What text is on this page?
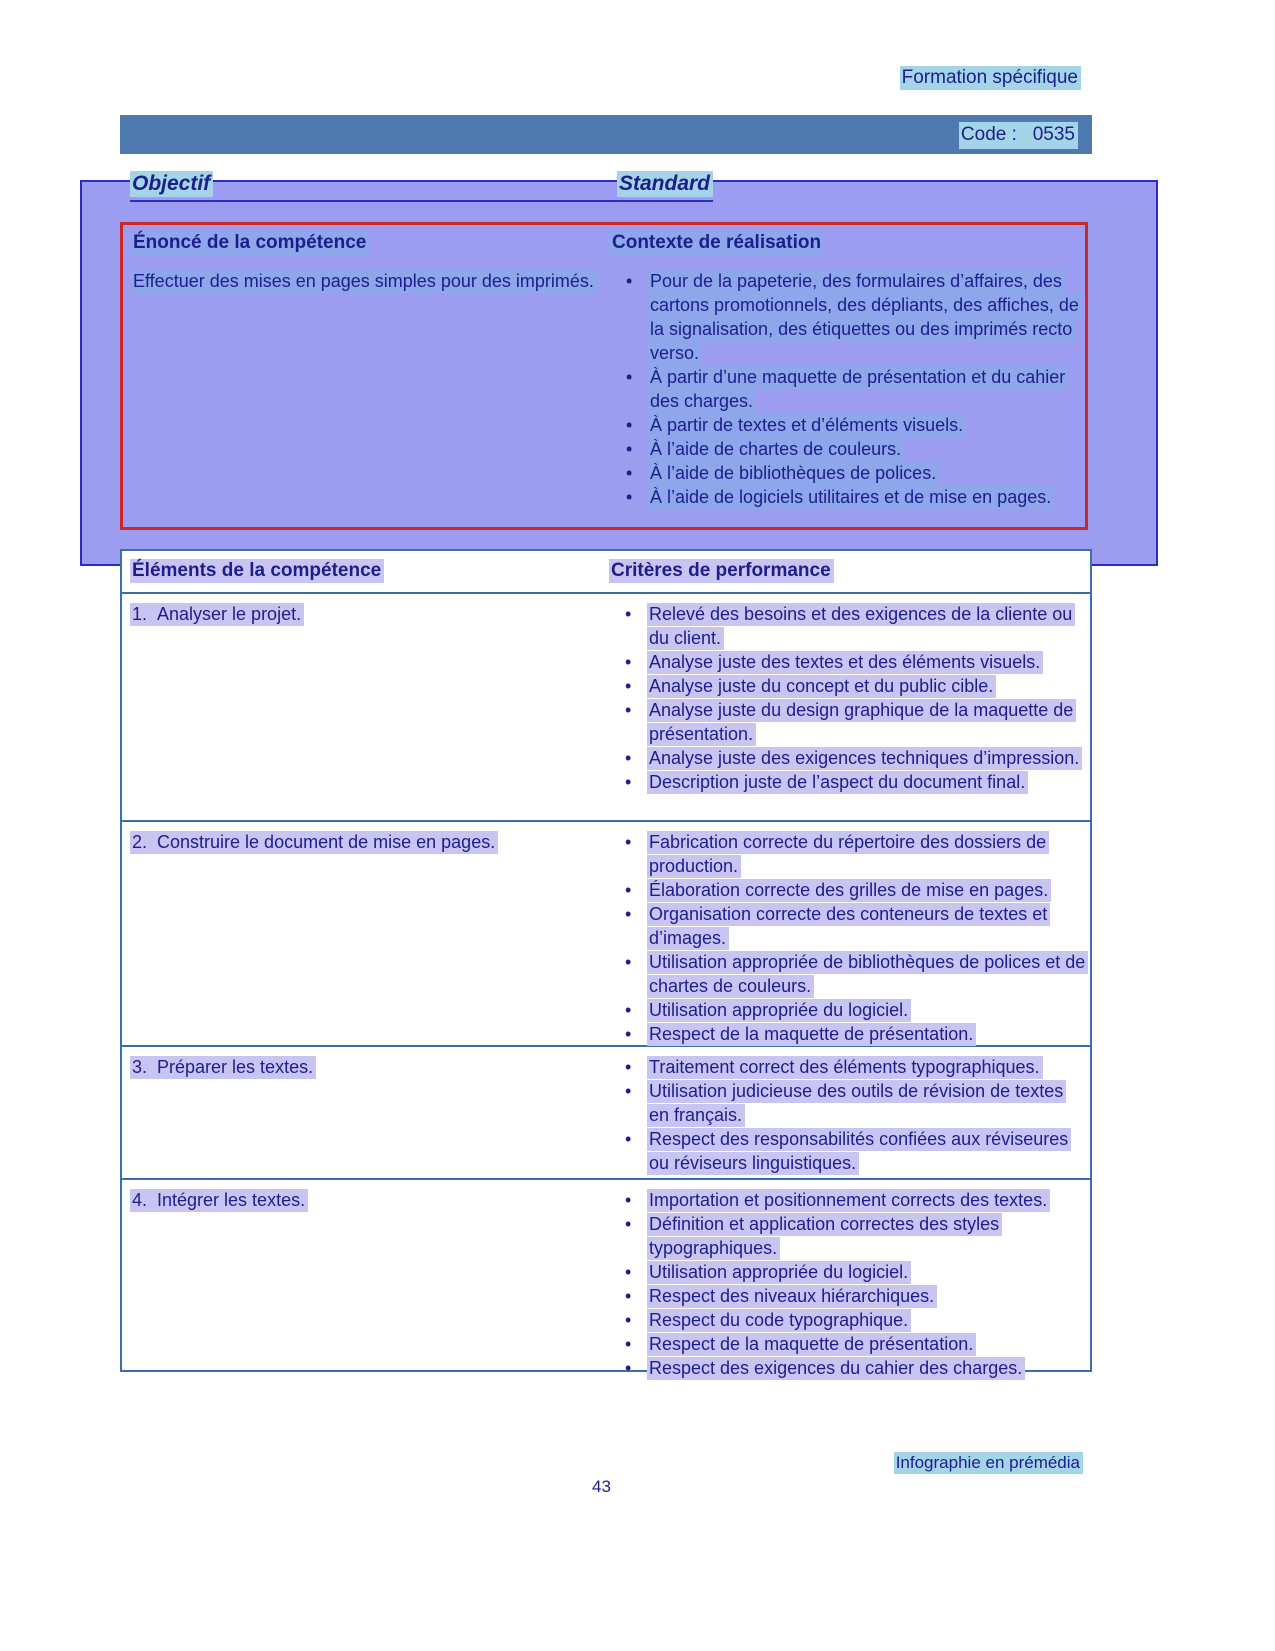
Formation spécifique
Code :   0535
Objectif	Standard
Énoncé de la compétence	Contexte de réalisation
Effectuer des mises en pages simples pour des imprimés.	• Pour de la papeterie, des formulaires d’affaires, des cartons promotionnels, des dépliants, des affiches, de la signalisation, des étiquettes ou des imprimés recto verso.
• À partir d’une maquette de présentation et du cahier des charges.
• À partir de textes et d’éléments visuels.
• À l’aide de chartes de couleurs.
• À l’aide de bibliothèques de polices.
• À l’aide de logiciels utilitaires et de mise en pages.
Éléments de la compétence	Critères de performance
1.  Analyser le projet.	• Relevé des besoins et des exigences de la cliente ou du client.
• Analyse juste des textes et des éléments visuels.
• Analyse juste du concept et du public cible.
• Analyse juste du design graphique de la maquette de présentation.
• Analyse juste des exigences techniques d’impression.
• Description juste de l’aspect du document final.
2.  Construire le document de mise en pages.	• Fabrication correcte du répertoire des dossiers de production.
• Élaboration correcte des grilles de mise en pages.
• Organisation correcte des conteneurs de textes et d’images.
• Utilisation appropriée de bibliothèques de polices et de chartes de couleurs.
• Utilisation appropriée du logiciel.
• Respect de la maquette de présentation.
3.  Préparer les textes.	• Traitement correct des éléments typographiques.
• Utilisation judicieuse des outils de révision de textes en français.
• Respect des responsabilités confiées aux réviseures ou réviseurs linguistiques.
4.  Intégrer les textes.	• Importation et positionnement corrects des textes.
• Définition et application correctes des styles typographiques.
• Utilisation appropriée du logiciel.
• Respect des niveaux hiérarchiques.
• Respect du code typographique.
• Respect de la maquette de présentation.
• Respect des exigences du cahier des charges.
Infographie en prémédia
43
